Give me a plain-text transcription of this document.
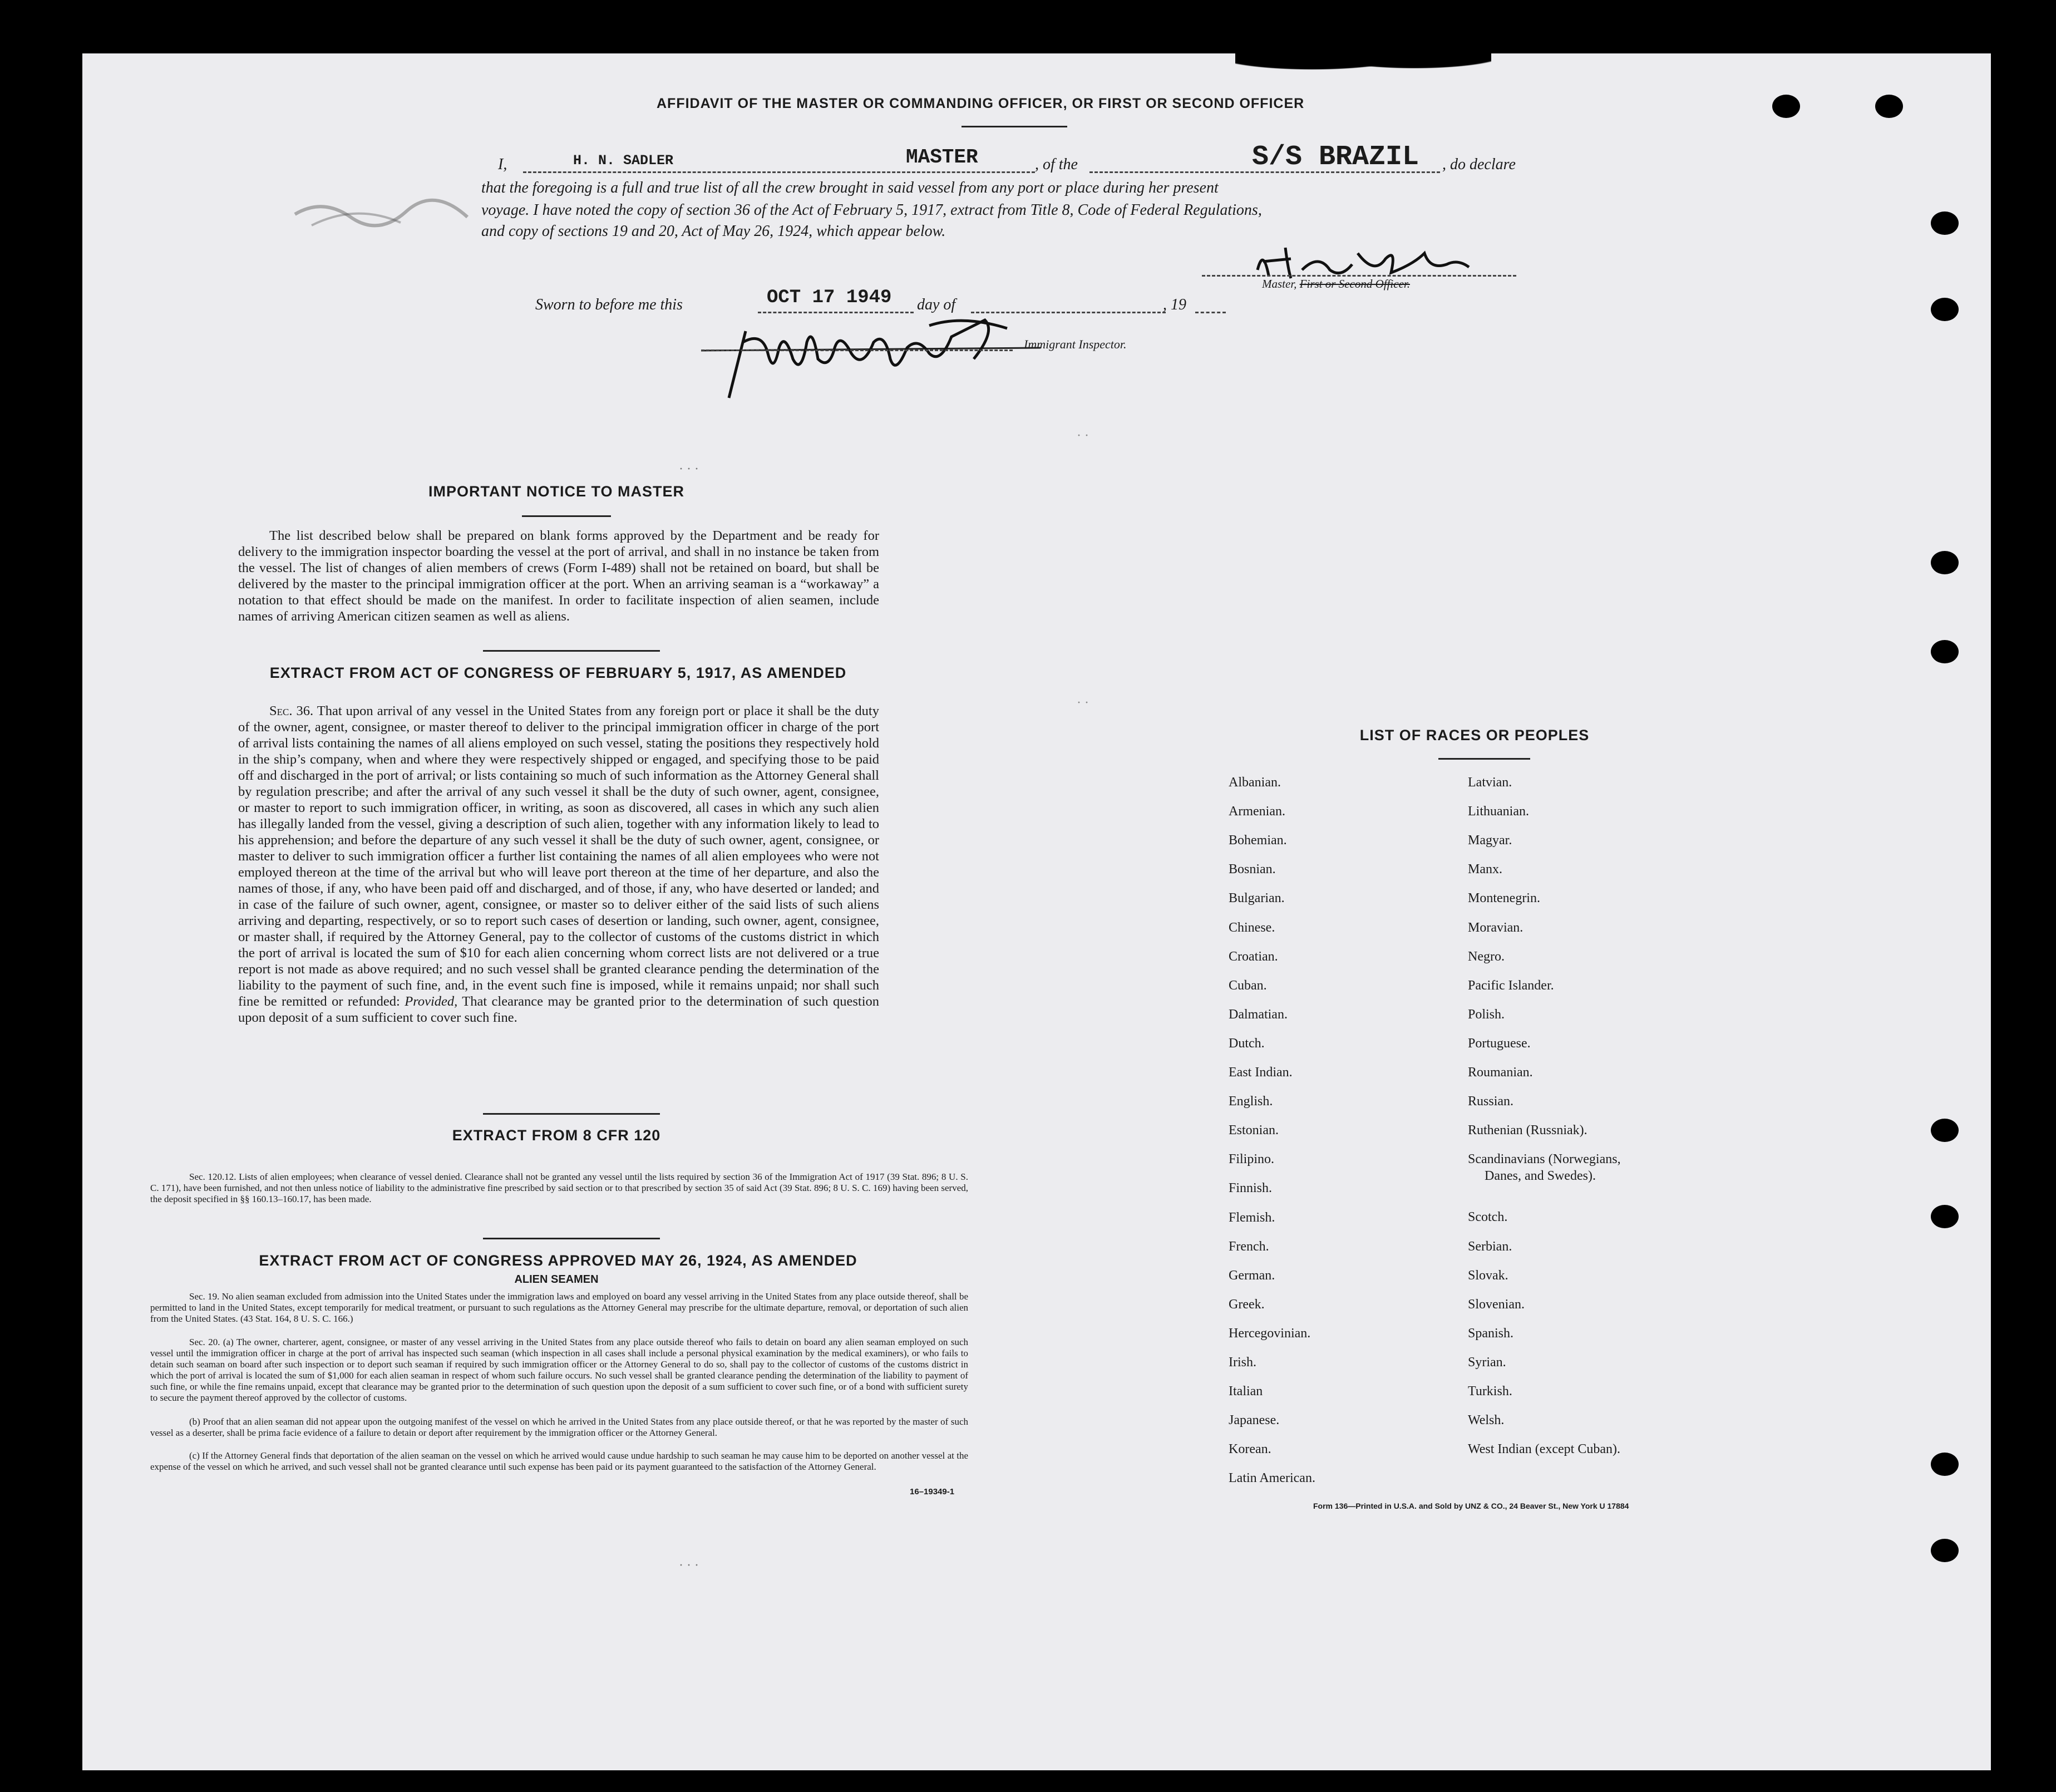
AFFIDAVIT OF THE MASTER OR COMMANDING OFFICER, OR FIRST OR SECOND OFFICER
I,	H. N. SADLER	MASTER	, of the	S/S BRAZIL , do declare
that the foregoing is a full and true list of all the crew brought in said vessel from any port or place during her present
voyage. I have noted the copy of section 36 of the Act of February 5, 1917, extract from Title 8, Code of Federal Regulations,
and copy of sections 19 and 20, Act of May 26, 1924, which appear below.
Master, First or Second Officer.
Sworn to before me this	OCT 17 1949 day of	, 19
Immigrant Inspector.
· · ·
· ·
· ·
· · ·
IMPORTANT NOTICE TO MASTER
The list described below shall be prepared on blank forms approved by the Department and be ready for delivery to the immigration inspector boarding the vessel at the port of arrival, and shall in no instance be taken from the vessel. The list of changes of alien members of crews (Form I-489) shall not be retained on board, but shall be delivered by the master to the principal immigration officer at the port. When an arriving seaman is a “workaway” a notation to that effect should be made on the manifest. In order to facilitate inspection of alien seamen, include names of arriving American citizen seamen as well as aliens.
EXTRACT FROM ACT OF CONGRESS OF FEBRUARY 5, 1917, AS AMENDED
Sec. 36. That upon arrival of any vessel in the United States from any foreign port or place it shall be the duty of the owner, agent, consignee, or master thereof to deliver to the principal immigration officer in charge of the port of arrival lists containing the names of all aliens employed on such vessel, stating the positions they respectively hold in the ship’s company, when and where they were respectively shipped or engaged, and specifying those to be paid off and discharged in the port of arrival; or lists containing so much of such information as the Attorney General shall by regulation prescribe; and after the arrival of any such vessel it shall be the duty of such owner, agent, consignee, or master to report to such immigration officer, in writing, as soon as discovered, all cases in which any such alien has illegally landed from the vessel, giving a description of such alien, together with any information likely to lead to his apprehension; and before the departure of any such vessel it shall be the duty of such owner, agent, consignee, or master to deliver to such immigration officer a further list containing the names of all alien employees who were not employed thereon at the time of the arrival but who will leave port thereon at the time of her departure, and also the names of those, if any, who have been paid off and discharged, and of those, if any, who have deserted or landed; and in case of the failure of such owner, agent, consignee, or master so to deliver either of the said lists of such aliens arriving and departing, respectively, or so to report such cases of desertion or landing, such owner, agent, consignee, or master shall, if required by the Attorney General, pay to the collector of customs of the customs district in which the port of arrival is located the sum of $10 for each alien concerning whom correct lists are not delivered or a true report is not made as above required; and no such vessel shall be granted clearance pending the determination of the liability to the payment of such fine, and, in the event such fine is imposed, while it remains unpaid; nor shall such fine be remitted or refunded: Provided, That clearance may be granted prior to the determination of such question upon deposit of a sum sufficient to cover such fine.
EXTRACT FROM 8 CFR 120
Sec. 120.12. Lists of alien employees; when clearance of vessel denied. Clearance shall not be granted any vessel until the lists required by section 36 of the Immigration Act of 1917 (39 Stat. 896; 8 U. S. C. 171), have been furnished, and not then unless notice of liability to the administrative fine prescribed by said section or to that prescribed by section 35 of said Act (39 Stat. 896; 8 U. S. C. 169) having been served, the deposit specified in §§ 160.13–160.17, has been made.
EXTRACT FROM ACT OF CONGRESS APPROVED MAY 26, 1924, AS AMENDED
ALIEN SEAMEN
Sec. 19. No alien seaman excluded from admission into the United States under the immigration laws and employed on board any vessel arriving in the United States from any place outside thereof, shall be permitted to land in the United States, except temporarily for medical treatment, or pursuant to such regulations as the Attorney General may prescribe for the ultimate departure, removal, or deportation of such alien from the United States. (43 Stat. 164, 8 U. S. C. 166.)
Sec. 20. (a) The owner, charterer, agent, consignee, or master of any vessel arriving in the United States from any place outside thereof who fails to detain on board any alien seaman employed on such vessel until the immigration officer in charge at the port of arrival has inspected such seaman (which inspection in all cases shall include a personal physical examination by the medical examiners), or who fails to detain such seaman on board after such inspection or to deport such seaman if required by such immigration officer or the Attorney General to do so, shall pay to the collector of customs of the customs district in which the port of arrival is located the sum of $1,000 for each alien seaman in respect of whom such failure occurs. No such vessel shall be granted clearance pending the determination of the liability to payment of such fine, or while the fine remains unpaid, except that clearance may be granted prior to the determination of such question upon the deposit of a sum sufficient to cover such fine, or of a bond with sufficient surety to secure the payment thereof approved by the collector of customs.
(b) Proof that an alien seaman did not appear upon the outgoing manifest of the vessel on which he arrived in the United States from any place outside thereof, or that he was reported by the master of such vessel as a deserter, shall be prima facie evidence of a failure to detain or deport after requirement by the immigration officer or the Attorney General.
(c) If the Attorney General finds that deportation of the alien seaman on the vessel on which he arrived would cause undue hardship to such seaman he may cause him to be deported on another vessel at the expense of the vessel on which he arrived, and such vessel shall not be granted clearance until such expense has been paid or its payment guaranteed to the satisfaction of the Attorney General.
16–19349-1
LIST OF RACES OR PEOPLES
Albanian.
Armenian.
Bohemian.
Bosnian.
Bulgarian.
Chinese.
Croatian.
Cuban.
Dalmatian.
Dutch.
East Indian.
English.
Estonian.
Filipino.
Finnish.
Flemish.
French.
German.
Greek.
Hercegovinian.
Irish.
Italian
Japanese.
Korean.
Latin American.
Latvian.
Lithuanian.
Magyar.
Manx.
Montenegrin.
Moravian.
Negro.
Pacific Islander.
Polish.
Portuguese.
Roumanian.
Russian.
Ruthenian (Russniak).
Scandinavians (Norwegians,
Danes, and Swedes).
Scotch.
Serbian.
Slovak.
Slovenian.
Spanish.
Syrian.
Turkish.
Welsh.
West Indian (except Cuban).
Form 136—Printed in U.S.A. and Sold by UNZ & CO., 24 Beaver St., New York U 17884
